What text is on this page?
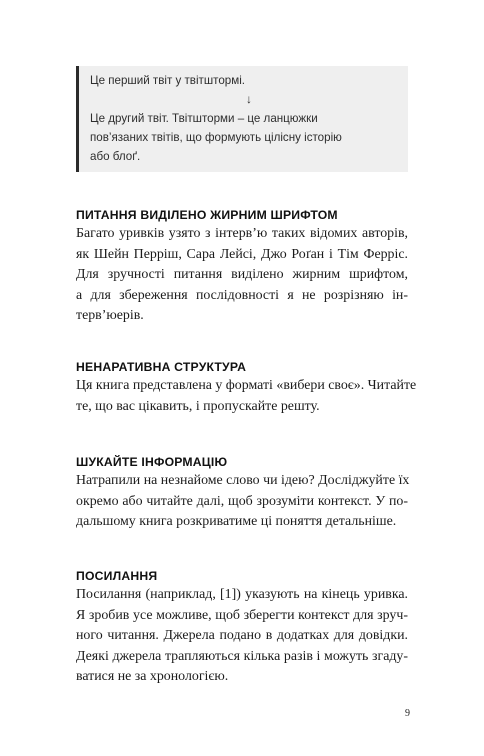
Це перший твіт у твітштормі.
↓
Це другий твіт. Твітшторми – це ланцюжки
пов’язаних твітів, що формують цілісну історію
або блоґ.
ПИТАННЯ ВИДІЛЕНО ЖИРНИМ ШРИФТОМ
Багато уривків узято з інтерв’ю таких відомих авторів,
як Шейн Перріш, Сара Лейсі, Джо Роґан і Тім Ферріс.
Для зручності питання виділено жирним шрифтом,
а для збереження послідовності я не розрізняю ін-
терв’юерів.
НЕНАРАТИВНА СТРУКТУРА
Ця книга представлена у форматі «вибери своє». Читайте
те, що вас цікавить, і пропускайте решту.
ШУКАЙТЕ ІНФОРМАЦІЮ
Натрапили на незнайоме слово чи ідею? Досліджуйте їх
окремо або читайте далі, щоб зрозуміти контекст. У по-
дальшому книга розкриватиме ці поняття детальніше.
ПОСИЛАННЯ
Посилання (наприклад, [1]) указують на кінець уривка.
Я зробив усе можливе, щоб зберегти контекст для зруч-
ного читання. Джерела подано в додатках для довідки.
Деякі джерела трапляються кілька разів і можуть згаду-
ватися не за хронологією.
9
